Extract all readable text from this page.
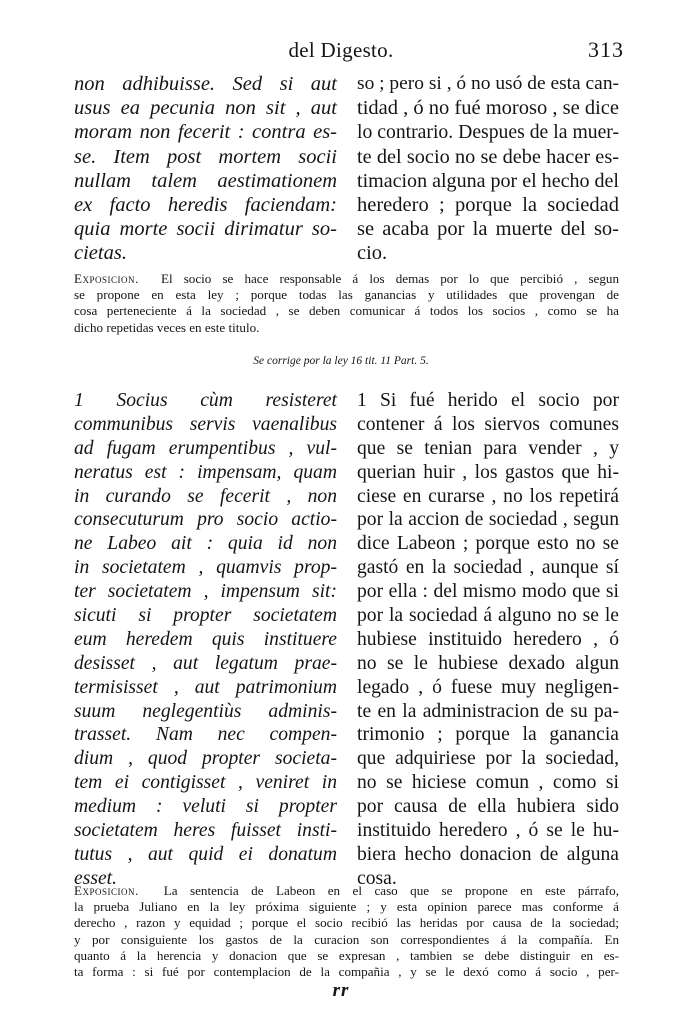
del Digesto.	313
non adhibuisse. Sed si aut
usus ea pecunia non sit , aut
moram non fecerit : contra es-
se. Item post mortem socii
nullam talem aestimationem
ex facto heredis faciendam:
quia morte socii dirimatur so-
cietas.
so ; pero si , ó no usó de esta can-
tidad , ó no fué moroso , se dice
lo contrario. Despues de la muer-
te del socio no se debe hacer es-
timacion alguna por el hecho del
heredero ; porque la sociedad
se acaba por la muerte del so-
cio.
Exposicion. El socio se hace responsable á los demas por lo que percibió , segun
se propone en esta ley ; porque todas las ganancias y utilidades que provengan de
cosa perteneciente á la sociedad , se deben comunicar á todos los socios , como se ha
dicho repetidas veces en este titulo.
Se corrige por la ley 16 tit. 11 Part. 5.
1 Socius cùm resisteret
communibus servis vaenalibus
ad fugam erumpentibus , vul-
neratus est : impensam, quam
in curando se fecerit , non
consecuturum pro socio actio-
ne Labeo ait : quia id non
in societatem , quamvis prop-
ter societatem , impensum sit:
sicuti si propter societatem
eum heredem quis instituere
desisset , aut legatum prae-
termisisset , aut patrimonium
suum neglegentiùs adminis-
trasset. Nam nec compen-
dium , quod propter societa-
tem ei contigisset , veniret in
medium : veluti si propter
societatem heres fuisset insti-
tutus , aut quid ei donatum
esset.
1 Si fué herido el socio por
contener á los siervos comunes
que se tenian para vender , y
querian huir , los gastos que hi-
ciese en curarse , no los repetirá
por la accion de sociedad , segun
dice Labeon ; porque esto no se
gastó en la sociedad , aunque sí
por ella : del mismo modo que si
por la sociedad á alguno no se le
hubiese instituido heredero , ó
no se le hubiese dexado algun
legado , ó fuese muy negligen-
te en la administracion de su pa-
trimonio ; porque la ganancia
que adquiriese por la sociedad,
no se hiciese comun , como si
por causa de ella hubiera sido
instituido heredero , ó se le hu-
biera hecho donacion de alguna
cosa.
Exposicion. La sentencia de Labeon en el caso que se propone en este párrafo,
la prueba Juliano en la ley próxima siguiente ; y esta opinion parece mas conforme á
derecho , razon y equidad ; porque el socio recibió las heridas por causa de la sociedad;
y por consiguiente los gastos de la curacion son correspondientes á la compañía. En
quanto á la herencia y donacion que se expresan , tambien se debe distinguir en es-
ta forma : si fué por contemplacion de la compañia , y se le dexó como á socio , per-
rr
